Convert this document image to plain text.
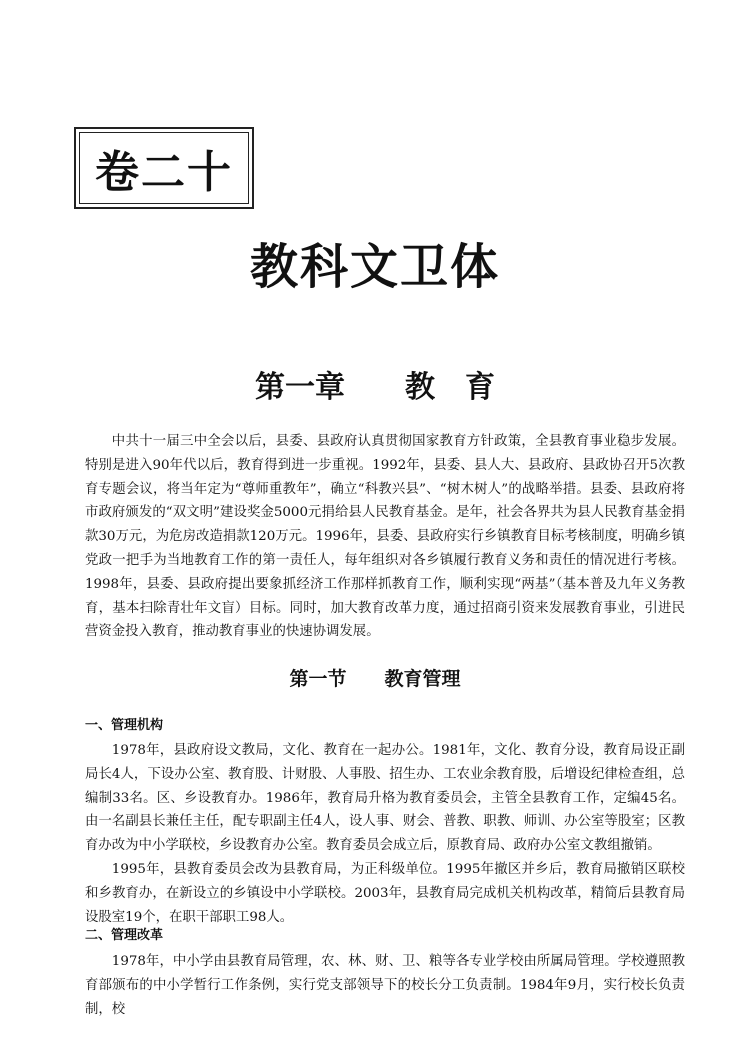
卷二十
教科文卫体
第一章　　教　育

中共十一届三中全会以后，县委、县政府认真贯彻国家教育方针政策，全县教育事业稳步发展。特别是进入90年代以后，教育得到进一步重视。1992年，县委、县人大、县政府、县政协召开5次教育专题会议，将当年定为“尊师重教年”，确立“科教兴县”、“树木树人”的战略举措。县委、县政府将市政府颁发的“双文明”建设奖金5000元捐给县人民教育基金。是年，社会各界共为县人民教育基金捐款30万元，为危房改造捐款120万元。1996年，县委、县政府实行乡镇教育目标考核制度，明确乡镇党政一把手为当地教育工作的第一责任人，每年组织对各乡镇履行教育义务和责任的情况进行考核。1998年，县委、县政府提出要象抓经济工作那样抓教育工作，顺利实现“两基”（基本普及九年义务教育，基本扫除青壮年文盲）目标。同时，加大教育改革力度，通过招商引资来发展教育事业，引进民营资金投入教育，推动教育事业的快速协调发展。

第一节　　教育管理
一、管理机构

1978年，县政府设文教局，文化、教育在一起办公。1981年，文化、教育分设，教育局设正副局长4人，下设办公室、教育股、计财股、人事股、招生办、工农业余教育股，后增设纪律检查组，总编制33名。区、乡设教育办。1986年，教育局升格为教育委员会，主管全县教育工作，定编45名。由一名副县长兼任主任，配专职副主任4人，设人事、财会、普教、职教、师训、办公室等股室；区教育办改为中小学联校，乡设教育办公室。教育委员会成立后，原教育局、政府办公室文教组撤销。

1995年，县教育委员会改为县教育局，为正科级单位。1995年撤区并乡后，教育局撤销区联校和乡教育办，在新设立的乡镇设中小学联校。2003年，县教育局完成机关机构改革，精简后县教育局设股室19个，在职干部职工98人。

二、管理改革

1978年，中小学由县教育局管理，农、林、财、卫、粮等各专业学校由所属局管理。学校遵照教育部颁布的中小学暂行工作条例，实行党支部领导下的校长分工负责制。1984年9月，实行校长负责制，校
